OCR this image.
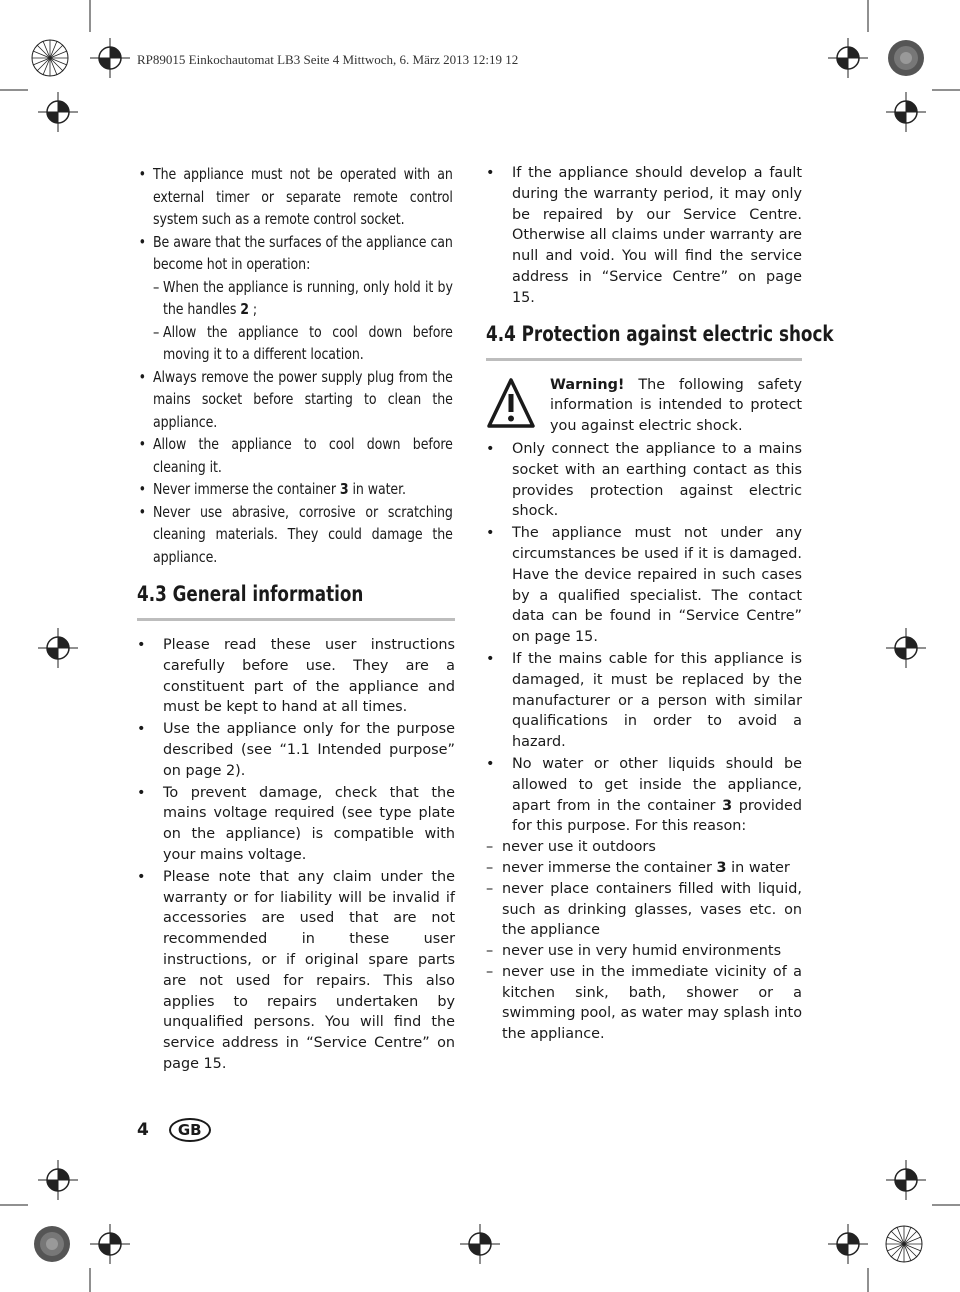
RP89015 Einkochautomat LB3 Seite 4 Mittwoch, 6. März 2013 12:19 12
• The appliance must not be operated with an external timer or separate remote control system such as a remote control socket.
• Be aware that the surfaces of the appliance can become hot in operation:
– When the appliance is running, only hold it by the handles 2 ;
– Allow the appliance to cool down before moving it to a different location.
• Always remove the power supply plug from the mains socket before starting to clean the appliance.
• Allow the appliance to cool down before cleaning it.
• Never immerse the container 3 in water.
• Never use abrasive, corrosive or scratching cleaning materials. They could damage the appliance.
4.3 General information
• Please read these user instructions carefully before use. They are a constituent part of the appliance and must be kept to hand at all times.
• Use the appliance only for the purpose described (see “1.1 Intended purpose” on page 2).
• To prevent damage, check that the mains voltage required (see type plate on the appliance) is compatible with your mains voltage.
• Please note that any claim under the warranty or for liability will be invalid if accessories are used that are not recommended in these user instructions, or if original spare parts are not used for repairs. This also applies to repairs undertaken by unqualified persons. You will find the service address in “Service Centre” on page 15.
• If the appliance should develop a fault during the warranty period, it may only be repaired by our Service Centre. Otherwise all claims under warranty are null and void. You will find the service address in “Service Centre” on page 15.
4.4 Protection against electric shock
Warning! The following safety information is intended to protect you against electric shock.
• Only connect the appliance to a mains socket with an earthing contact as this provides protection against electric shock.
• The appliance must not under any circumstances be used if it is damaged. Have the device repaired in such cases by a qualified specialist. The contact data can be found in “Service Centre” on page 15.
• If the mains cable for this appliance is damaged, it must be replaced by the manufacturer or a person with similar qualifications in order to avoid a hazard.
• No water or other liquids should be allowed to get inside the appliance, apart from in the container 3 provided for this purpose. For this reason:
– never use it outdoors
– never immerse the container 3 in water
– never place containers filled with liquid, such as drinking glasses, vases etc. on the appliance
– never use in very humid environments
– never use in the immediate vicinity of a kitchen sink, bath, shower or a swimming pool, as water may splash into the appliance.
4	GB
